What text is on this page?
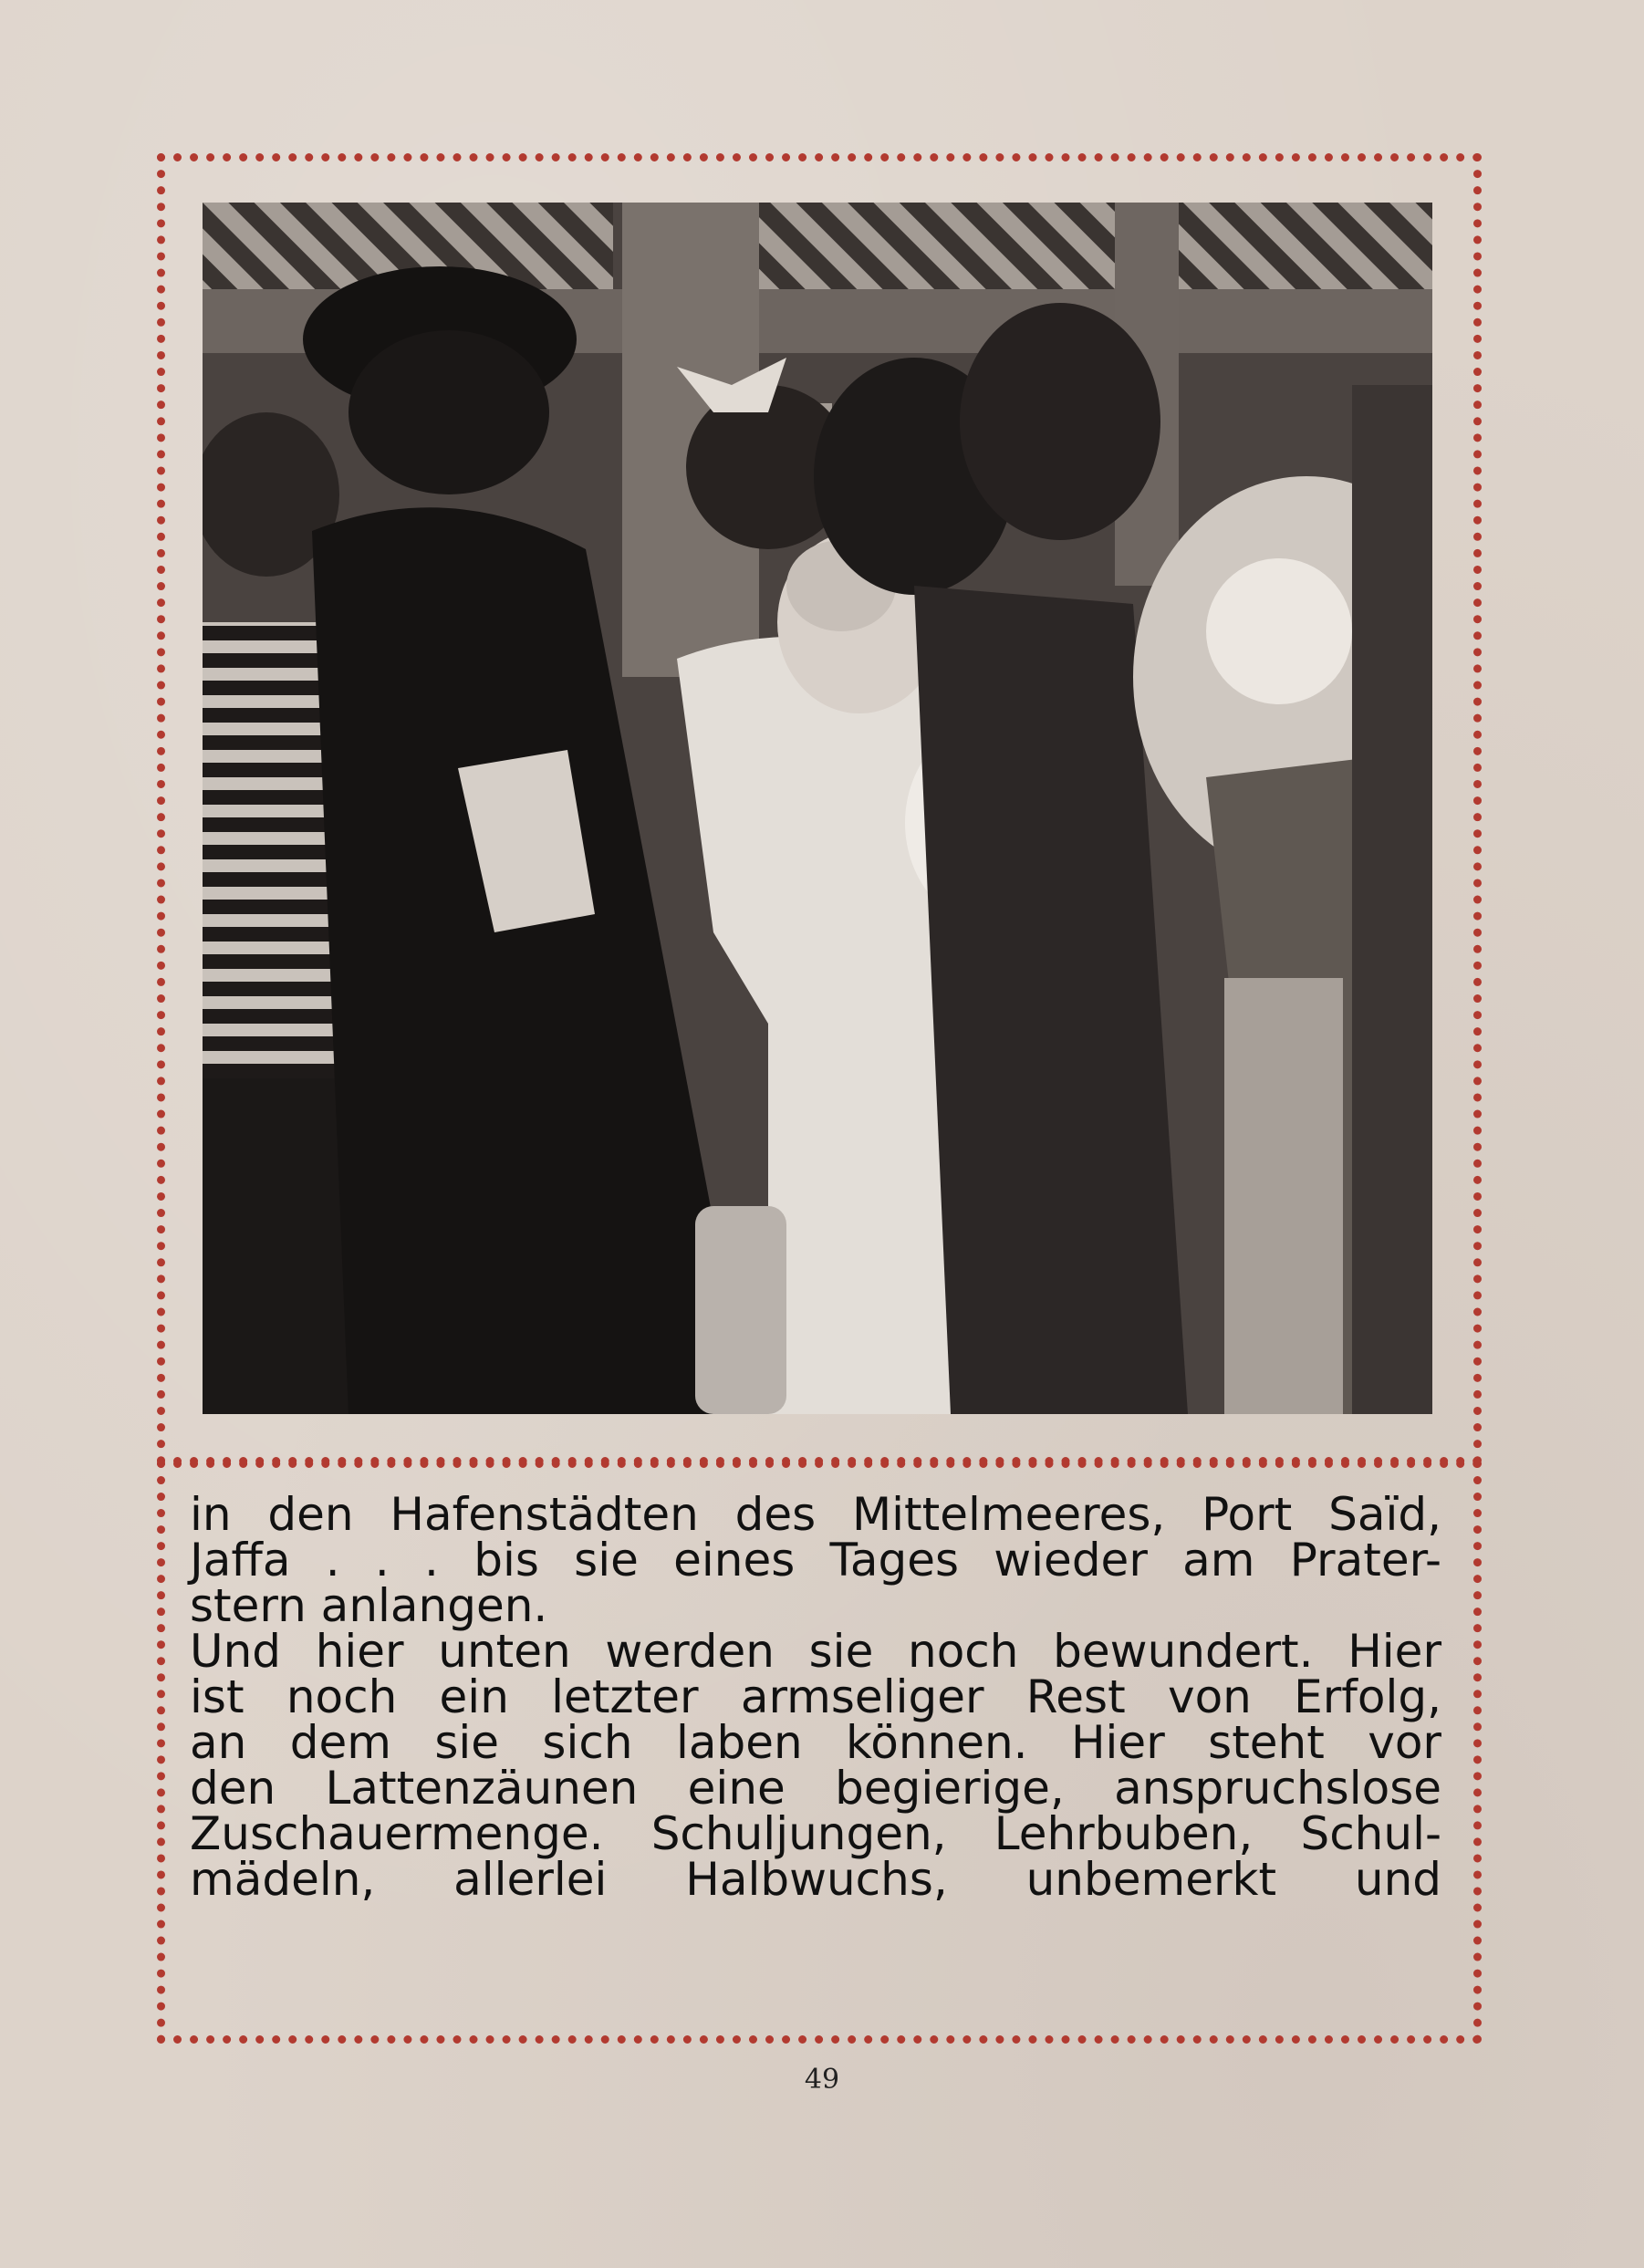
in den Hafenstädten des Mittelmeeres, Port Saïd,
Jaffa . . . bis sie eines Tages wieder am Prater-
stern anlangen.
Und hier unten werden sie noch bewundert. Hier
ist noch ein letzter armseliger Rest von Erfolg,
an dem sie sich laben können. Hier steht vor
den Lattenzäunen eine begierige, anspruchslose
Zuschauermenge. Schuljungen, Lehrbuben, Schul-
mädeln, allerlei Halbwuchs, unbemerkt und
49
